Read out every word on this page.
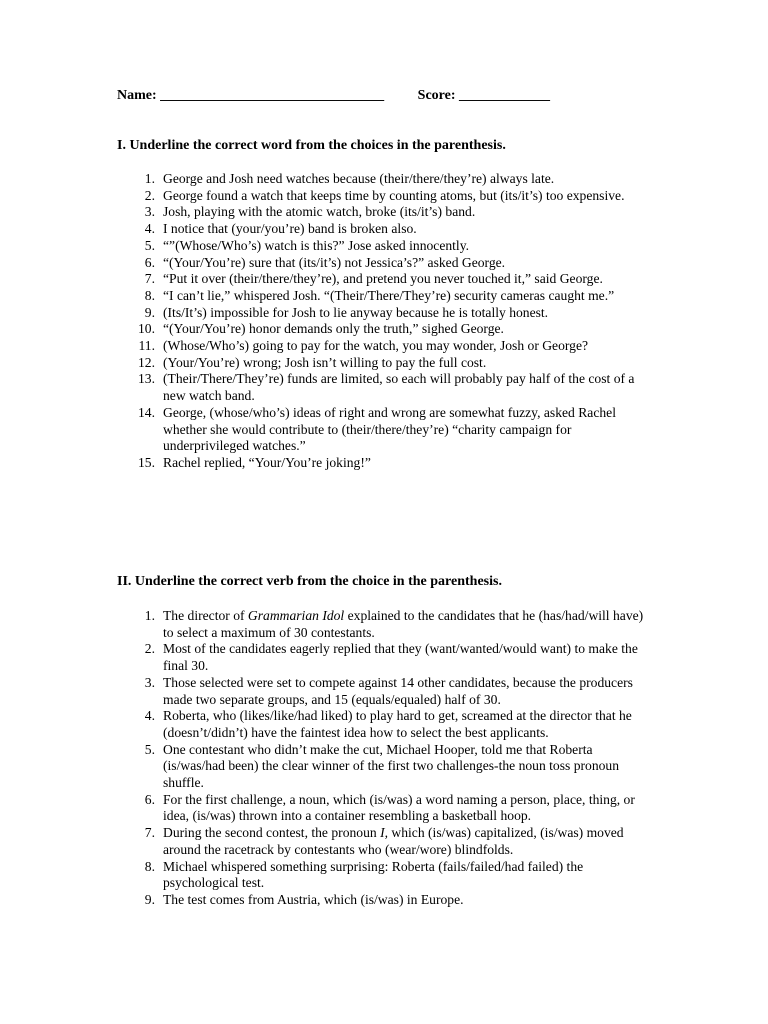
Name: ________________________________ Score: _____________
I. Underline the correct word from the choices in the parenthesis.
1. George and Josh need watches because (their/there/they’re) always late.
2. George found a watch that keeps time by counting atoms, but (its/it’s) too expensive.
3. Josh, playing with the atomic watch, broke (its/it’s) band.
4. I notice that (your/you’re) band is broken also.
5. “”(Whose/Who’s) watch is this?” Jose asked innocently.
6. “(Your/You’re) sure that (its/it’s) not Jessica’s?” asked George.
7. “Put it over (their/there/they’re), and pretend you never touched it,” said George.
8. “I can’t lie,” whispered Josh. “(Their/There/They’re) security cameras caught me.”
9. (Its/It’s) impossible for Josh to lie anyway because he is totally honest.
10. “(Your/You’re) honor demands only the truth,” sighed George.
11. (Whose/Who’s) going to pay for the watch, you may wonder, Josh or George?
12. (Your/You’re) wrong; Josh isn’t willing to pay the full cost.
13. (Their/There/They’re) funds are limited, so each will probably pay half of the cost of a new watch band.
14. George, (whose/who’s) ideas of right and wrong are somewhat fuzzy, asked Rachel whether she would contribute to (their/there/they’re) “charity campaign for underprivileged watches.”
15. Rachel replied, “Your/You’re joking!”
II. Underline the correct verb from the choice in the parenthesis.
1. The director of Grammarian Idol explained to the candidates that he (has/had/will have) to select a maximum of 30 contestants.
2. Most of the candidates eagerly replied that they (want/wanted/would want) to make the final 30.
3. Those selected were set to compete against 14 other candidates, because the producers made two separate groups, and 15 (equals/equaled) half of 30.
4. Roberta, who (likes/like/had liked) to play hard to get, screamed at the director that he (doesn’t/didn’t) have the faintest idea how to select the best applicants.
5. One contestant who didn’t make the cut, Michael Hooper, told me that Roberta (is/was/had been) the clear winner of the first two challenges-the noun toss pronoun shuffle.
6. For the first challenge, a noun, which (is/was) a word naming a person, place, thing, or idea, (is/was) thrown into a container resembling a basketball hoop.
7. During the second contest, the pronoun I, which (is/was) capitalized, (is/was) moved around the racetrack by contestants who (wear/wore) blindfolds.
8. Michael whispered something surprising: Roberta (fails/failed/had failed) the psychological test.
9. The test comes from Austria, which (is/was) in Europe.
